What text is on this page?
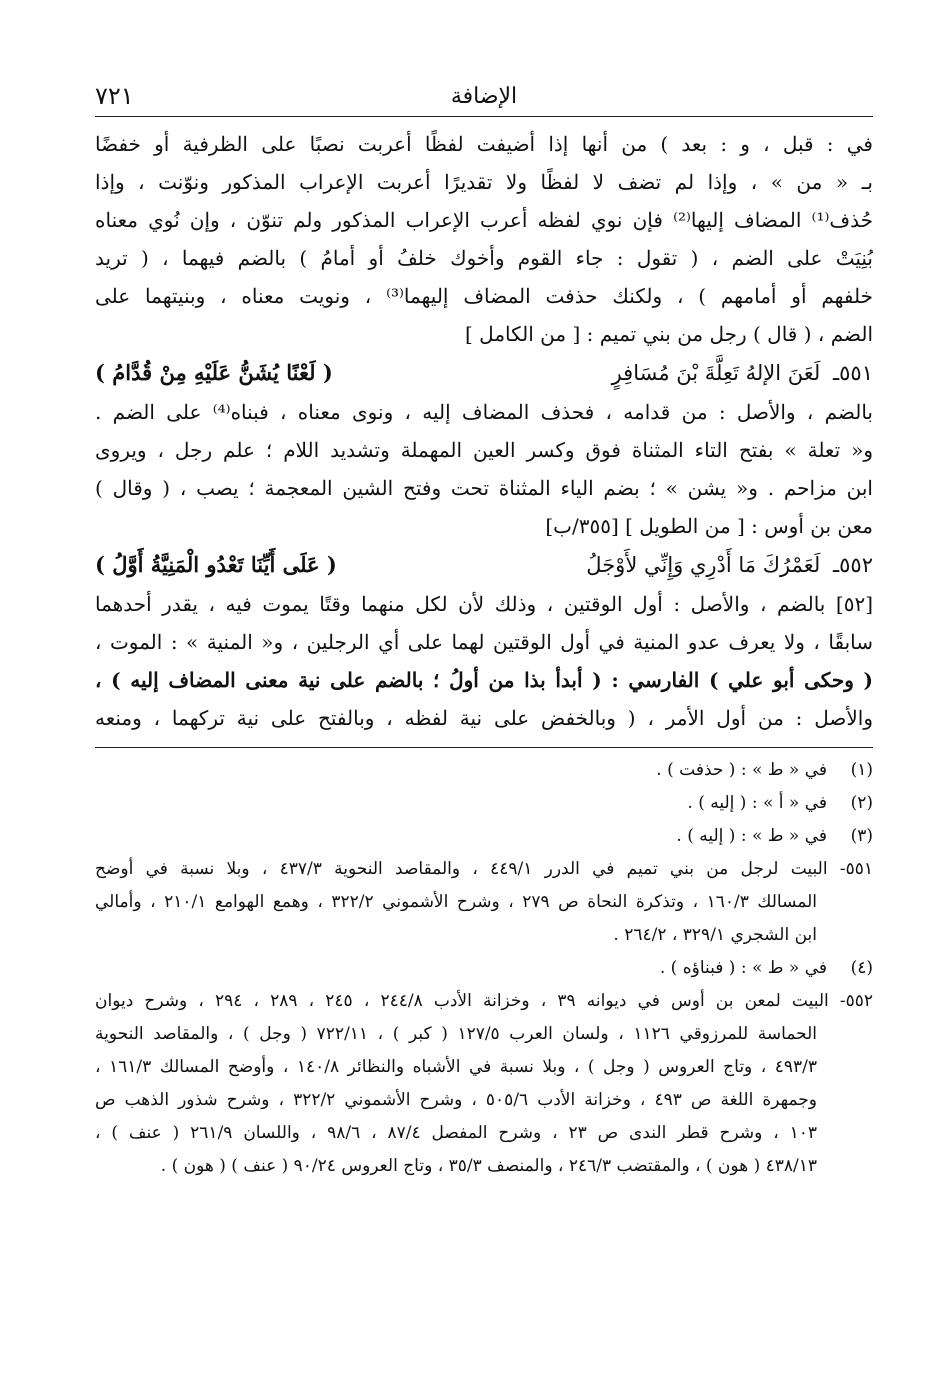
الإضافة
٧٢١
في : قبل ، و : بعد ) من أنها إذا أضيفت لفظًا أعربت نصبًا على الظرفية أو خفضًا
بـ « من » ، وإذا لم تضف لا لفظًا ولا تقديرًا أعربت الإعراب المذكور ونوّنت ، وإذا
حُذف⁽¹⁾ المضاف إليها⁽²⁾ فإن نوي لفظه أعرب الإعراب المذكور ولم تنوّن ، وإن نُوي معناه
بُنِيَتْ على الضم ، ( تقول : جاء القوم وأخوك خلفُ أو أمامُ ) بالضم فيهما ، ( تريد
خلفهم أو أمامهم ) ، ولكنك حذفت المضاف إليهما⁽³⁾ ، ونويت معناه ، وبنيتهما على
الضم ، ( قال ) رجل من بني تميم : [ من الكامل ]
٥٥١ـ لَعَنَ الإلهُ تَعِلَّةَ بْنَ مُسَافِرٍ
( لَعْنًا يُشَنُّ عَلَيْهِ مِنْ قُدَّامُ )
بالضم ، والأصل : من قدامه ، فحذف المضاف إليه ، ونوى معناه ، فبناه⁽⁴⁾ على الضم .
و« تعلة » بفتح التاء المثناة فوق وكسر العين المهملة وتشديد اللام ؛ علم رجل ، ويروى
ابن مزاحم . و« يشن » ؛ بضم الياء المثناة تحت وفتح الشين المعجمة ؛ يصب ، ( وقال )
معن بن أوس : [ من الطويل ] [٣٥٥/ب]
٥٥٢ـ لَعَمْرُكَ مَا أَدْرِي وَإِنِّي لأَوْجَلُ
( عَلَى أَيِّنَا تَعْدُو الْمَنِيَّةُ أَوَّلُ )
[٥٢] بالضم ، والأصل : أول الوقتين ، وذلك لأن لكل منهما وقتًا يموت فيه ، يقدر أحدهما
سابقًا ، ولا يعرف عدو المنية في أول الوقتين لهما على أي الرجلين ، و« المنية » : الموت ،
( وحكى أبو علي ) الفارسي : ( أبدأ بذا من أولُ ؛ بالضم على نية معنى المضاف إليه ) ،
والأصل : من أول الأمر ، ( وبالخفض على نية لفظه ، وبالفتح على نية تركهما ، ومنعه
(١)في « ط » : ( حذفت ) .
(٢)في « أ » : ( إليه ) .
(٣)في « ط » : ( إليه ) .
٥٥١- البيت لرجل من بني تميم في الدرر ٤٤٩/١ ، والمقاصد النحوية ٤٣٧/٣ ، وبلا نسبة في أوضح
المسالك ١٦٠/٣ ، وتذكرة النحاة ص ٢٧٩ ، وشرح الأشموني ٣٢٢/٢ ، وهمع الهوامع ٢١٠/١ ، وأمالي
ابن الشجري ٣٢٩/١ ، ٢٦٤/٢ .
(٤)في « ط » : ( فبناؤه ) .
٥٥٢- البيت لمعن بن أوس في ديوانه ٣٩ ، وخزانة الأدب ٢٤٤/٨ ، ٢٤٥ ، ٢٨٩ ، ٢٩٤ ، وشرح ديوان
الحماسة للمرزوقي ١١٢٦ ، ولسان العرب ١٢٧/٥ ( كبر ) ، ٧٢٢/١١ ( وجل ) ، والمقاصد النحوية
٤٩٣/٣ ، وتاج العروس ( وجل ) ، وبلا نسبة في الأشباه والنظائر ١٤٠/٨ ، وأوضح المسالك ١٦١/٣ ،
وجمهرة اللغة ص ٤٩٣ ، وخزانة الأدب ٥٠٥/٦ ، وشرح الأشموني ٣٢٢/٢ ، وشرح شذور الذهب ص
١٠٣ ، وشرح قطر الندى ص ٢٣ ، وشرح المفصل ٨٧/٤ ، ٩٨/٦ ، واللسان ٢٦١/٩ ( عنف ) ،
٤٣٨/١٣ ( هون ) ، والمقتضب ٢٤٦/٣ ، والمنصف ٣٥/٣ ، وتاج العروس ٩٠/٢٤ ( عنف ) ( هون ) .
